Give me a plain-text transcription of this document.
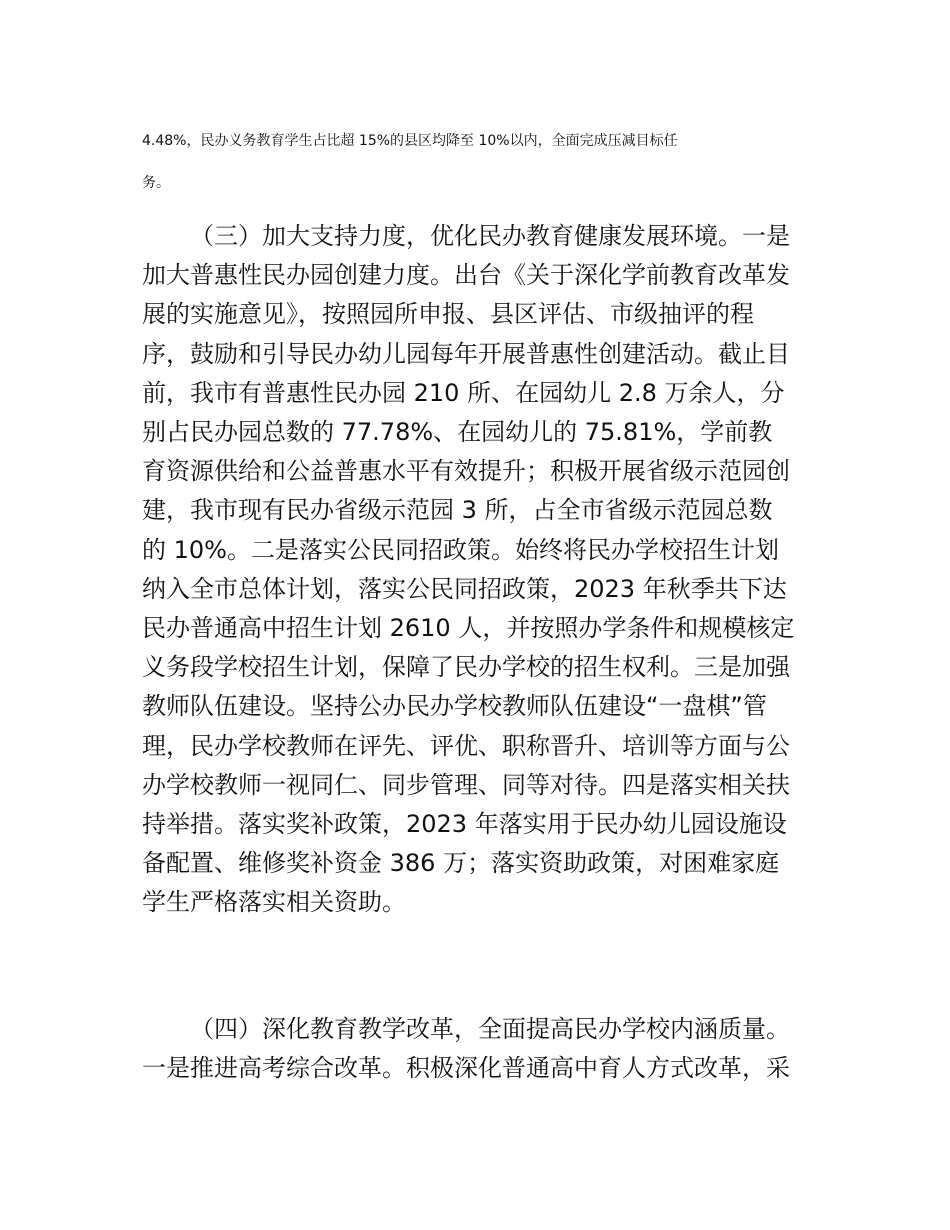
4.48%，民办义务教育学生占比超 15%的县区均降至 10%以内，全面完成压减目标任
务。
（三）加大支持力度，优化民办教育健康发展环境。一是
加大普惠性民办园创建力度。出台《关于深化学前教育改革发
展的实施意见》，按照园所申报、县区评估、市级抽评的程
序，鼓励和引导民办幼儿园每年开展普惠性创建活动。截止目
前，我市有普惠性民办园 210 所、在园幼儿 2.8 万余人，分
别占民办园总数的 77.78%、在园幼儿的 75.81%，学前教
育资源供给和公益普惠水平有效提升；积极开展省级示范园创
建，我市现有民办省级示范园 3 所，占全市省级示范园总数
的 10%。二是落实公民同招政策。始终将民办学校招生计划
纳入全市总体计划，落实公民同招政策，2023 年秋季共下达
民办普通高中招生计划 2610 人，并按照办学条件和规模核定
义务段学校招生计划，保障了民办学校的招生权利。三是加强
教师队伍建设。坚持公办民办学校教师队伍建设“一盘棋”管
理，民办学校教师在评先、评优、职称晋升、培训等方面与公
办学校教师一视同仁、同步管理、同等对待。四是落实相关扶
持举措。落实奖补政策，2023 年落实用于民办幼儿园设施设
备配置、维修奖补资金 386 万；落实资助政策，对困难家庭
学生严格落实相关资助。
（四）深化教育教学改革，全面提高民办学校内涵质量。
一是推进高考综合改革。积极深化普通高中育人方式改革，采
